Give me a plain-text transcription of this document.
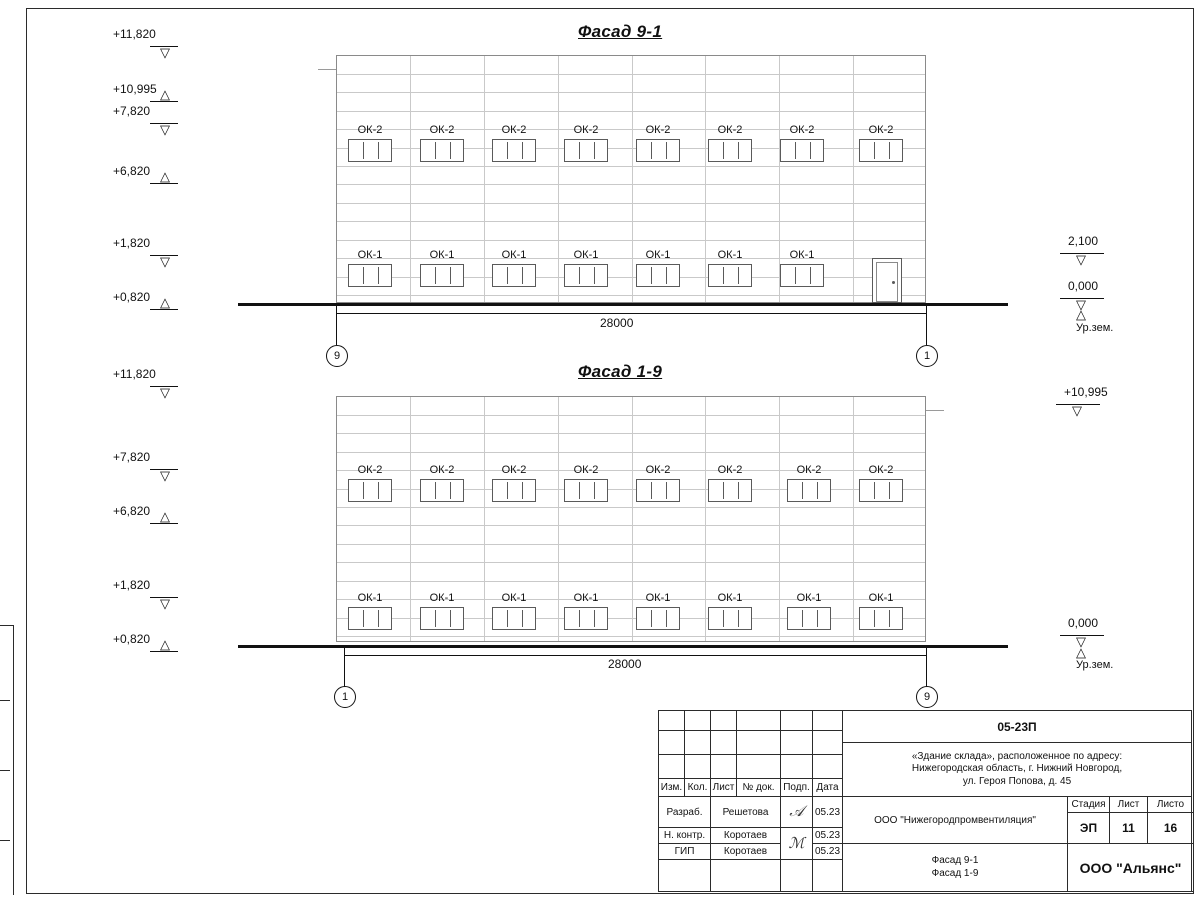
Фасад 9-1
ОК-2	ОК-2	ОК-2	ОК-2	ОК-2	ОК-2	ОК-2	ОК-2
ОК-1	ОК-1	ОК-1	ОК-1	ОК-1	ОК-1	ОК-1
28000
9	1
+11,820
▽
+10,995 ▽
+7,820
▽
+6,820 ▽
+1,820
▽
+0,820 ▽
2,100
▽
0,000
▽
▽
Ур.зем.
Фасад 1-9
ОК-2	ОК-2	ОК-2	ОК-2	ОК-2	ОК-2	ОК-2	ОК-2
ОК-1	ОК-1	ОК-1	ОК-1	ОК-1	ОК-1	ОК-1	ОК-1
28000
1	9
+11,820
▽
+7,820
▽
+6,820 ▽
+1,820
▽
+0,820 ▽
+10,995
▽
0,000
▽
▽
Ур.зем.
Изм. Кол. Лист № док. Подп. Дата
Разраб.	Решетова	𝒜	05.23
Н. контр.	Коротаев	05.23
ГИП	Коротаев	05.23
ℳ
05-23П
«Здание склада», расположенное по адресу:
Нижегородская область, г. Нижний Новгород,
ул. Героя Попова, д. 45
ООО "Нижегородпромвентиляция"
Стадия	Лист	Листо
ЭП	11	16
Фасад 9-1
Фасад 1-9	ООО "Альянс"
